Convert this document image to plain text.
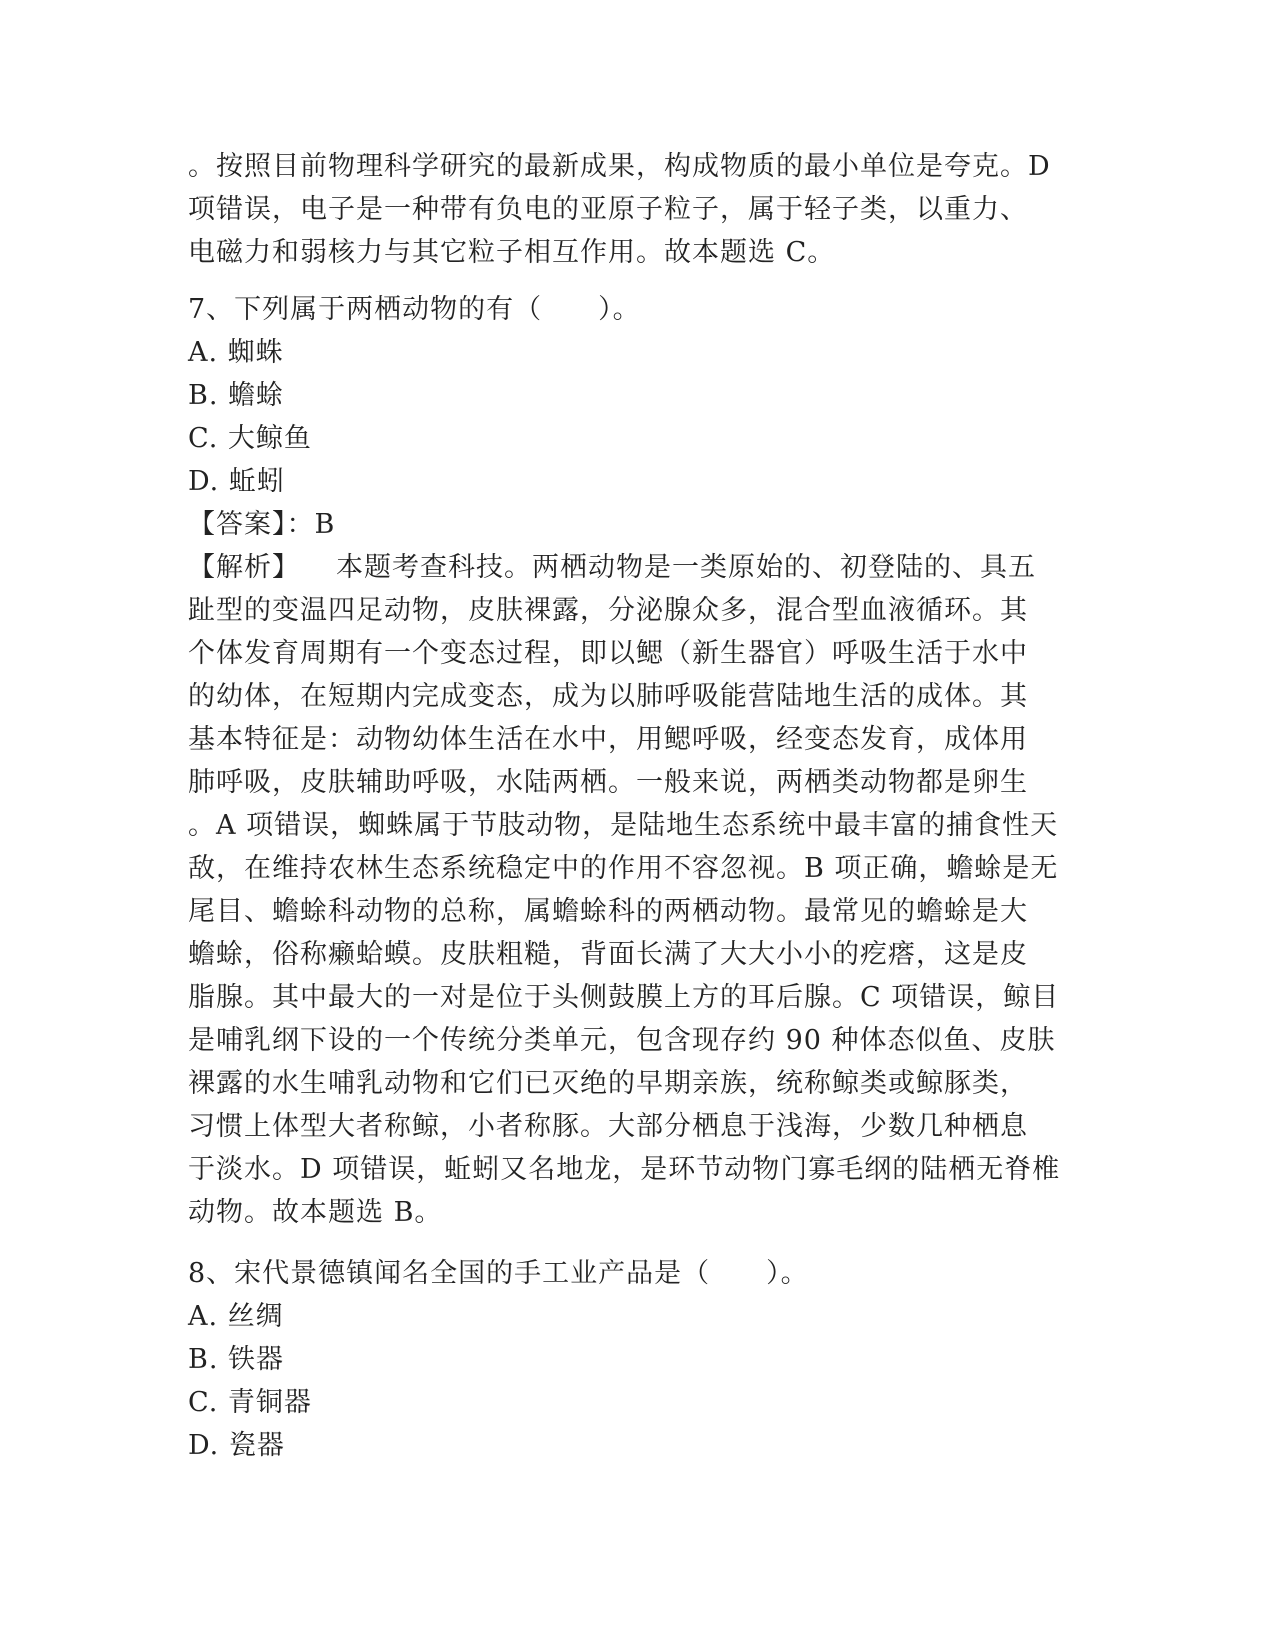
。按照目前物理科学研究的最新成果，构成物质的最小单位是夸克。D
项错误，电子是一种带有负电的亚原子粒子，属于轻子类，以重力、
电磁力和弱核力与其它粒子相互作用。故本题选 C。
7、下列属于两栖动物的有（　　）。
A. 蜘蛛
B. 蟾蜍
C. 大鲸鱼
D. 蚯蚓
【答案】：B
【解析】 本题考查科技。两栖动物是一类原始的、初登陆的、具五
趾型的变温四足动物，皮肤裸露，分泌腺众多，混合型血液循环。其
个体发育周期有一个变态过程，即以鳃（新生器官）呼吸生活于水中
的幼体，在短期内完成变态，成为以肺呼吸能营陆地生活的成体。其
基本特征是：动物幼体生活在水中，用鳃呼吸，经变态发育，成体用
肺呼吸，皮肤辅助呼吸，水陆两栖。一般来说，两栖类动物都是卵生
。A 项错误，蜘蛛属于节肢动物，是陆地生态系统中最丰富的捕食性天
敌，在维持农林生态系统稳定中的作用不容忽视。B 项正确，蟾蜍是无
尾目、蟾蜍科动物的总称，属蟾蜍科的两栖动物。最常见的蟾蜍是大
蟾蜍，俗称癞蛤蟆。皮肤粗糙，背面长满了大大小小的疙瘩，这是皮
脂腺。其中最大的一对是位于头侧鼓膜上方的耳后腺。C 项错误，鲸目
是哺乳纲下设的一个传统分类单元，包含现存约 90 种体态似鱼、皮肤
裸露的水生哺乳动物和它们已灭绝的早期亲族，统称鲸类或鲸豚类，
习惯上体型大者称鲸，小者称豚。大部分栖息于浅海，少数几种栖息
于淡水。D 项错误，蚯蚓又名地龙，是环节动物门寡毛纲的陆栖无脊椎
动物。故本题选 B。
8、宋代景德镇闻名全国的手工业产品是（　　）。
A. 丝绸
B. 铁器
C. 青铜器
D. 瓷器
